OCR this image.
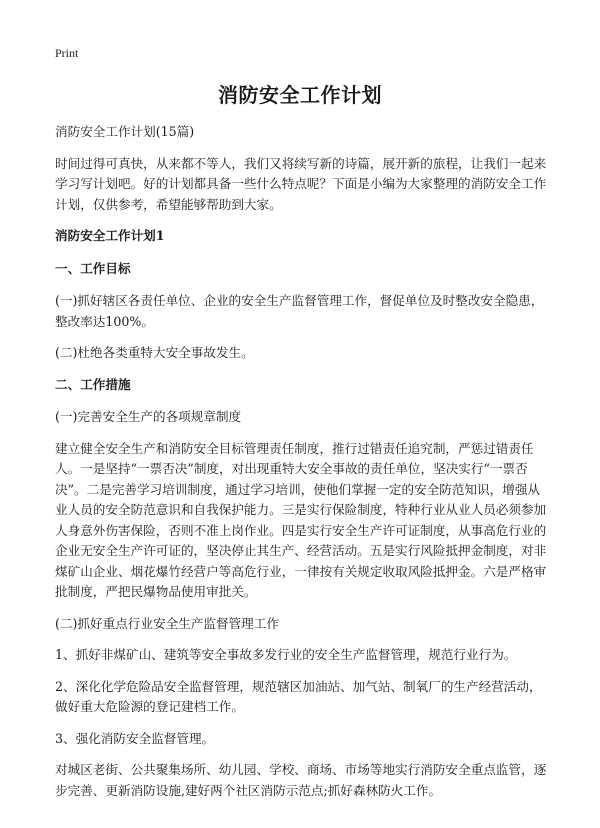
Print
消防安全工作计划

消防安全工作计划(15篇)

时间过得可真快，从来都不等人，我们又将续写新的诗篇，展开新的旅程，让我们一起来学习写计划吧。好的计划都具备一些什么特点呢？下面是小编为大家整理的消防安全工作计划，仅供参考，希望能够帮助到大家。

消防安全工作计划1

一、工作目标

(一)抓好辖区各责任单位、企业的安全生产监督管理工作，督促单位及时整改安全隐患，整改率达100%。

(二)杜绝各类重特大安全事故发生。

二、工作措施

(一)完善安全生产的各项规章制度

建立健全安全生产和消防安全目标管理责任制度，推行过错责任追究制，严惩过错责任人。一是坚持“一票否决”制度，对出现重特大安全事故的责任单位，坚决实行“一票否决”。二是完善学习培训制度，通过学习培训，使他们掌握一定的安全防范知识，增强从业人员的安全防范意识和自我保护能力。三是实行保险制度，特种行业从业人员必须参加人身意外伤害保险，否则不准上岗作业。四是实行安全生产许可证制度，从事高危行业的企业无安全生产许可证的，坚决停止其生产、经营活动。五是实行风险抵押金制度，对非煤矿山企业、烟花爆竹经营户等高危行业，一律按有关规定收取风险抵押金。六是严格审批制度，严把民爆物品使用审批关。

(二)抓好重点行业安全生产监督管理工作

1、抓好非煤矿山、建筑等安全事故多发行业的安全生产监督管理，规范行业行为。

2、深化化学危险品安全监督管理，规范辖区加油站、加气站、制氧厂的生产经营活动，做好重大危险源的登记建档工作。

3、强化消防安全监督管理。

对城区老街、公共聚集场所、幼儿园、学校、商场、市场等地实行消防安全重点监管，逐步完善、更新消防设施,建好两个社区消防示范点;抓好森林防火工作。
